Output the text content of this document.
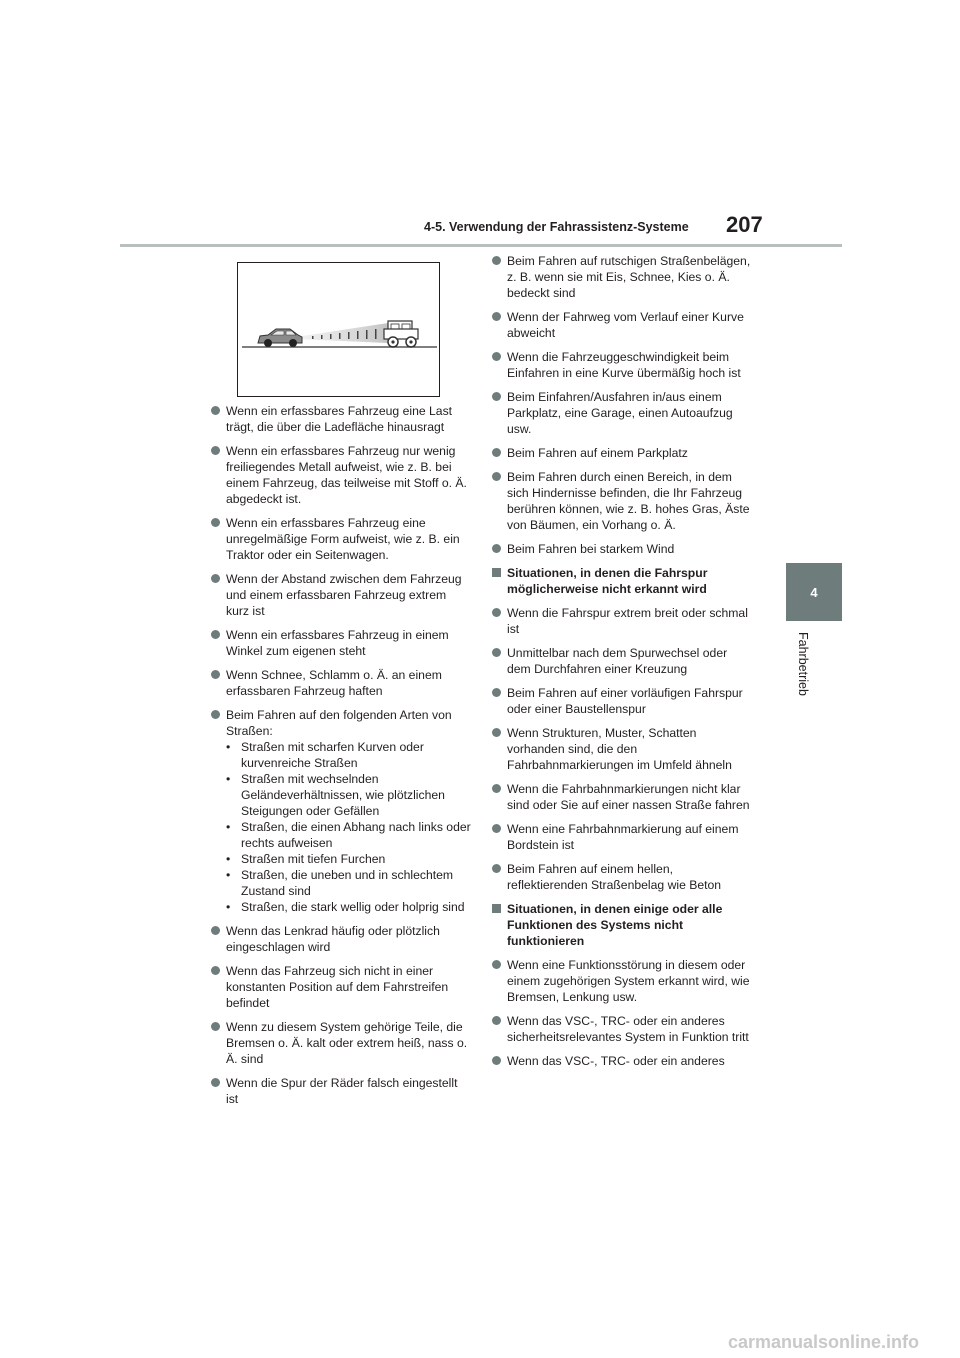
4-5. Verwendung der Fahrassistenz-Systeme 207
4
Fahrbetrieb
Wenn ein erfassbares Fahrzeug eine Last trägt, die über die Ladefläche hinausragt
Wenn ein erfassbares Fahrzeug nur wenig freiliegendes Metall aufweist, wie z. B. bei einem Fahrzeug, das teilweise mit Stoff o. Ä. abgedeckt ist.
Wenn ein erfassbares Fahrzeug eine unregelmäßige Form aufweist, wie z. B. ein Traktor oder ein Seitenwagen.
Wenn der Abstand zwischen dem Fahrzeug und einem erfassbaren Fahrzeug extrem kurz ist
Wenn ein erfassbares Fahrzeug in einem Winkel zum eigenen steht
Wenn Schnee, Schlamm o. Ä. an einem erfassbaren Fahrzeug haften
Beim Fahren auf den folgenden Arten von Straßen:
• Straßen mit scharfen Kurven oder kurvenreiche Straßen
• Straßen mit wechselnden Geländeverhältnissen, wie plötzlichen Steigungen oder Gefällen
• Straßen, die einen Abhang nach links oder rechts aufweisen
• Straßen mit tiefen Furchen
• Straßen, die uneben und in schlechtem Zustand sind
• Straßen, die stark wellig oder holprig sind
Wenn das Lenkrad häufig oder plötzlich eingeschlagen wird
Wenn das Fahrzeug sich nicht in einer konstanten Position auf dem Fahrstreifen befindet
Wenn zu diesem System gehörige Teile, die Bremsen o. Ä. kalt oder extrem heiß, nass o. Ä. sind
Wenn die Spur der Räder falsch eingestellt ist
Beim Fahren auf rutschigen Straßenbelägen, z. B. wenn sie mit Eis, Schnee, Kies o. Ä. bedeckt sind
Wenn der Fahrweg vom Verlauf einer Kurve abweicht
Wenn die Fahrzeuggeschwindigkeit beim Einfahren in eine Kurve übermäßig hoch ist
Beim Einfahren/Ausfahren in/aus einem Parkplatz, eine Garage, einen Autoaufzug usw.
Beim Fahren auf einem Parkplatz
Beim Fahren durch einen Bereich, in dem sich Hindernisse befinden, die Ihr Fahrzeug berühren können, wie z. B. hohes Gras, Äste von Bäumen, ein Vorhang o. Ä.
Beim Fahren bei starkem Wind
Situationen, in denen die Fahrspur möglicherweise nicht erkannt wird
Wenn die Fahrspur extrem breit oder schmal ist
Unmittelbar nach dem Spurwechsel oder dem Durchfahren einer Kreuzung
Beim Fahren auf einer vorläufigen Fahrspur oder einer Baustellenspur
Wenn Strukturen, Muster, Schatten vorhanden sind, die den Fahrbahnmarkierungen im Umfeld ähneln
Wenn die Fahrbahnmarkierungen nicht klar sind oder Sie auf einer nassen Straße fahren
Wenn eine Fahrbahnmarkierung auf einem Bordstein ist
Beim Fahren auf einem hellen, reflektierenden Straßenbelag wie Beton
Situationen, in denen einige oder alle Funktionen des Systems nicht funktionieren
Wenn eine Funktionsstörung in diesem oder einem zugehörigen System erkannt wird, wie Bremsen, Lenkung usw.
Wenn das VSC-, TRC- oder ein anderes sicherheitsrelevantes System in Funktion tritt
Wenn das VSC-, TRC- oder ein anderes
carmanualsonline.info
